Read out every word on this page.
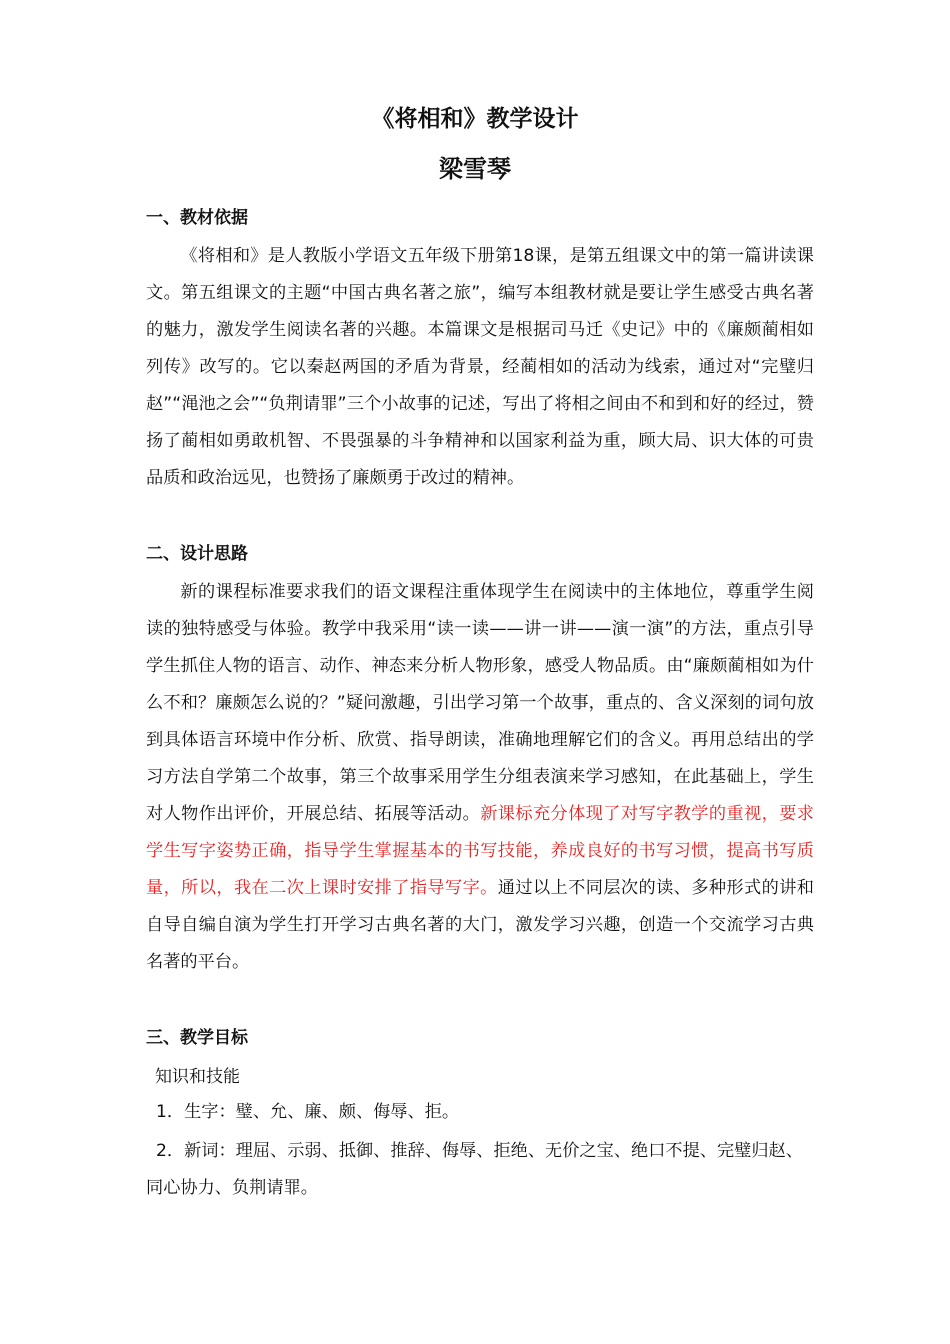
《将相和》教学设计
梁雪琴
一、教材依据

《将相和》是人教版小学语文五年级下册第18课，是第五组课文中的第一篇讲读课文。第五组课文的主题“中国古典名著之旅”，编写本组教材就是要让学生感受古典名著的魅力，激发学生阅读名著的兴趣。本篇课文是根据司马迁《史记》中的《廉颇蔺相如列传》改写的。它以秦赵两国的矛盾为背景，经蔺相如的活动为线索，通过对“完璧归赵”“渑池之会”“负荆请罪”三个小故事的记述，写出了将相之间由不和到和好的经过，赞扬了蔺相如勇敢机智、不畏强暴的斗争精神和以国家利益为重，顾大局、识大体的可贵品质和政治远见，也赞扬了廉颇勇于改过的精神。

二、设计思路

新的课程标准要求我们的语文课程注重体现学生在阅读中的主体地位，尊重学生阅读的独特感受与体验。教学中我采用“读一读——讲一讲——演一演”的方法，重点引导学生抓住人物的语言、动作、神态来分析人物形象，感受人物品质。由“廉颇蔺相如为什么不和？廉颇怎么说的？”疑问激趣，引出学习第一个故事，重点的、含义深刻的词句放到具体语言环境中作分析、欣赏、指导朗读，准确地理解它们的含义。再用总结出的学习方法自学第二个故事，第三个故事采用学生分组表演来学习感知，在此基础上，学生对人物作出评价，开展总结、拓展等活动。新课标充分体现了对写字教学的重视，要求学生写字姿势正确，指导学生掌握基本的书写技能，养成良好的书写习惯，提高书写质量，所以，我在二次上课时安排了指导写字。通过以上不同层次的读、多种形式的讲和自导自编自演为学生打开学习古典名著的大门，激发学习兴趣，创造一个交流学习古典名著的平台。

三、教学目标

知识和技能

1．生字：璧、允、廉、颇、侮辱、拒。

2．新词：理屈、示弱、抵御、推辞、侮辱、拒绝、无价之宝、绝口不提、完璧归赵、同心协力、负荆请罪。
